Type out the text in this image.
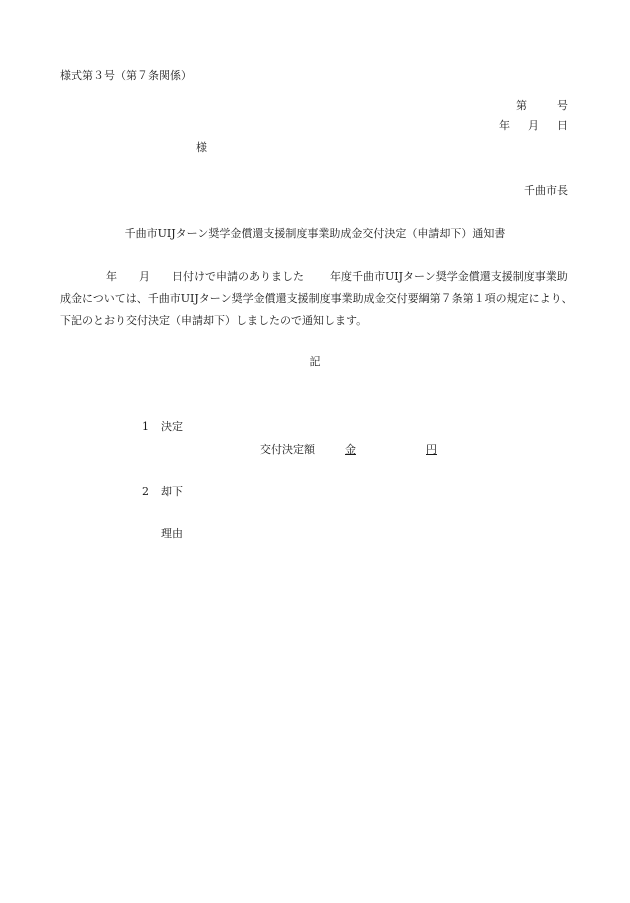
様式第３号（第７条関係）
第	号
年 月 日
様
千曲市長
千曲市UIJターン奨学金償還支援制度事業助成金交付決定（申請却下）通知書
年 月 日付けで申請のありました 年度千曲市UIJターン奨学金償還支援制度事業助
成金については、千曲市UIJターン奨学金償還支援制度事業助成金交付要綱第７条第１項の規定により、
下記のとおり交付決定（申請却下）しましたので通知します。
記
1 決定
交付決定額	金	円
2 却下
理由
